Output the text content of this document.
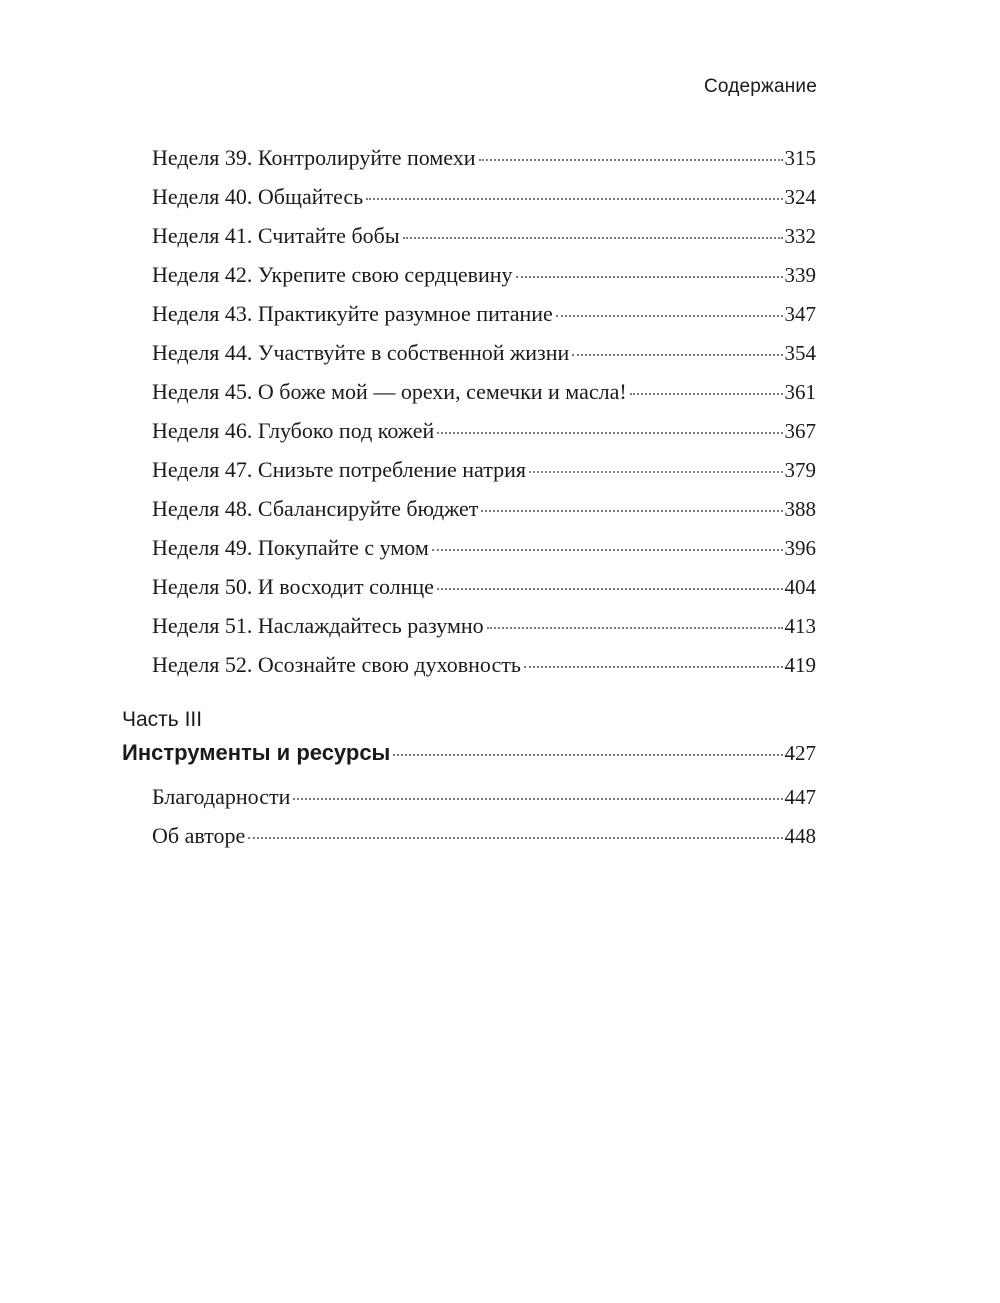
Содержание
Неделя 39. Контролируйте помехи	315
Неделя 40. Общайтесь	324
Неделя 41. Считайте бобы	332
Неделя 42. Укрепите свою сердцевину	339
Неделя 43. Практикуйте разумное питание	347
Неделя 44. Участвуйте в собственной жизни	354
Неделя 45. О боже мой — орехи, семечки и масла!	361
Неделя 46. Глубоко под кожей	367
Неделя 47. Снизьте потребление натрия	379
Неделя 48. Сбалансируйте бюджет	388
Неделя 49. Покупайте с умом	396
Неделя 50. И восходит солнце	404
Неделя 51. Наслаждайтесь разумно	413
Неделя 52. Осознайте свою духовность	419

Часть III

Инструменты и ресурсы	427
Благодарности	447
Об авторе	448
